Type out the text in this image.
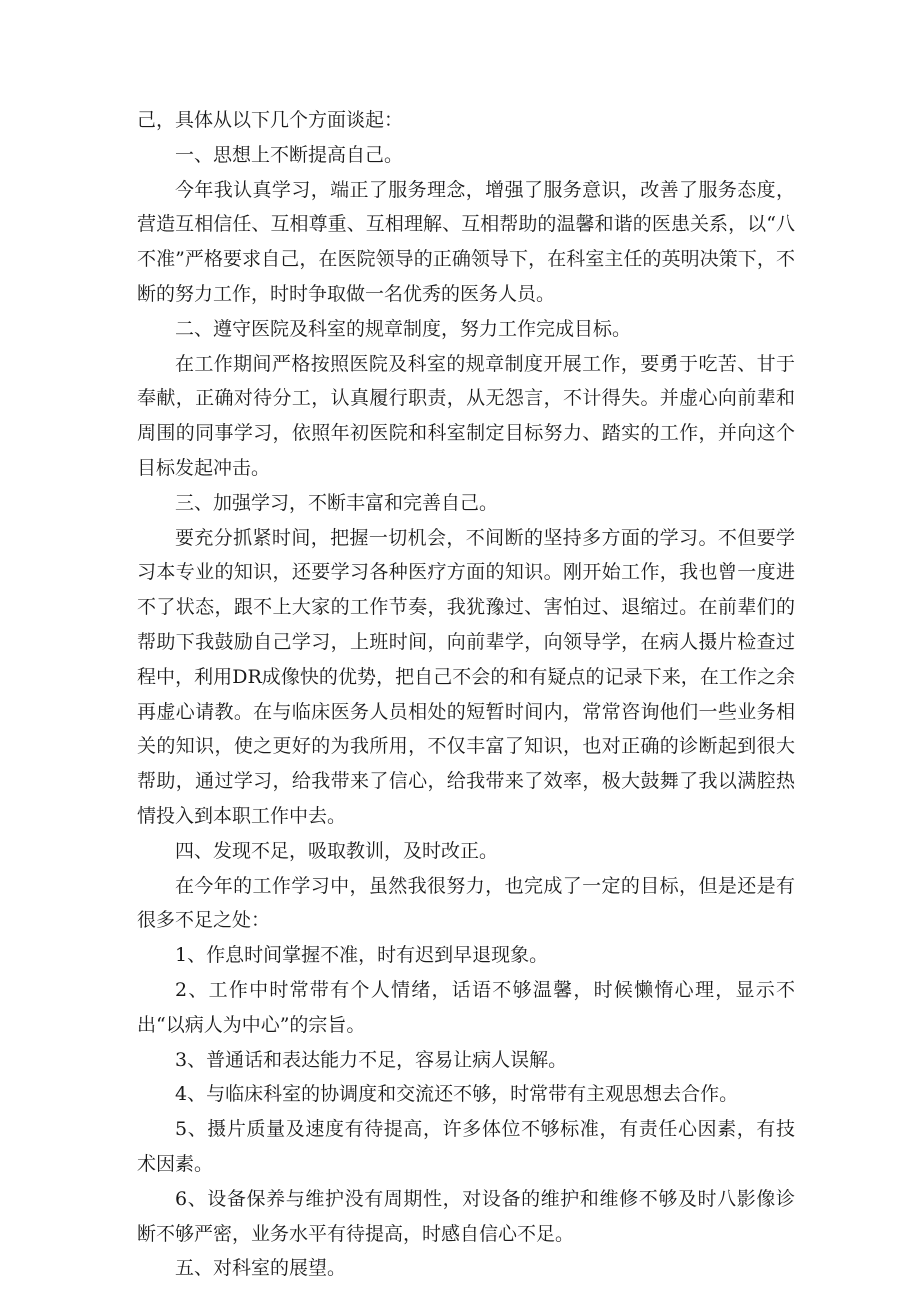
己，具体从以下几个方面谈起：

一、思想上不断提高自己。

今年我认真学习，端正了服务理念，增强了服务意识，改善了服务态度，营造互相信任、互相尊重、互相理解、互相帮助的温馨和谐的医患关系，以“八不准”严格要求自己，在医院领导的正确领导下，在科室主任的英明决策下，不断的努力工作，时时争取做一名优秀的医务人员。

二、遵守医院及科室的规章制度，努力工作完成目标。

在工作期间严格按照医院及科室的规章制度开展工作，要勇于吃苦、甘于奉献，正确对待分工，认真履行职责，从无怨言，不计得失。并虚心向前辈和周围的同事学习，依照年初医院和科室制定目标努力、踏实的工作，并向这个目标发起冲击。

三、加强学习，不断丰富和完善自己。

要充分抓紧时间，把握一切机会，不间断的坚持多方面的学习。不但要学习本专业的知识，还要学习各种医疗方面的知识。刚开始工作，我也曾一度进不了状态，跟不上大家的工作节奏，我犹豫过、害怕过、退缩过。在前辈们的帮助下我鼓励自己学习，上班时间，向前辈学，向领导学，在病人摄片检查过程中，利用DR成像快的优势，把自己不会的和有疑点的记录下来，在工作之余再虚心请教。在与临床医务人员相处的短暂时间内，常常咨询他们一些业务相关的知识，使之更好的为我所用，不仅丰富了知识，也对正确的诊断起到很大帮助，通过学习，给我带来了信心，给我带来了效率，极大鼓舞了我以满腔热情投入到本职工作中去。

四、发现不足，吸取教训，及时改正。

在今年的工作学习中，虽然我很努力，也完成了一定的目标，但是还是有很多不足之处：

1、作息时间掌握不准，时有迟到早退现象。

2、工作中时常带有个人情绪，话语不够温馨，时候懒惰心理，显示不出“以病人为中心”的宗旨。

3、普通话和表达能力不足，容易让病人误解。

4、与临床科室的协调度和交流还不够，时常带有主观思想去合作。

5、摄片质量及速度有待提高，许多体位不够标准，有责任心因素，有技术因素。

6、设备保养与维护没有周期性，对设备的维护和维修不够及时八影像诊断不够严密，业务水平有待提高，时感自信心不足。

五、对科室的展望。
